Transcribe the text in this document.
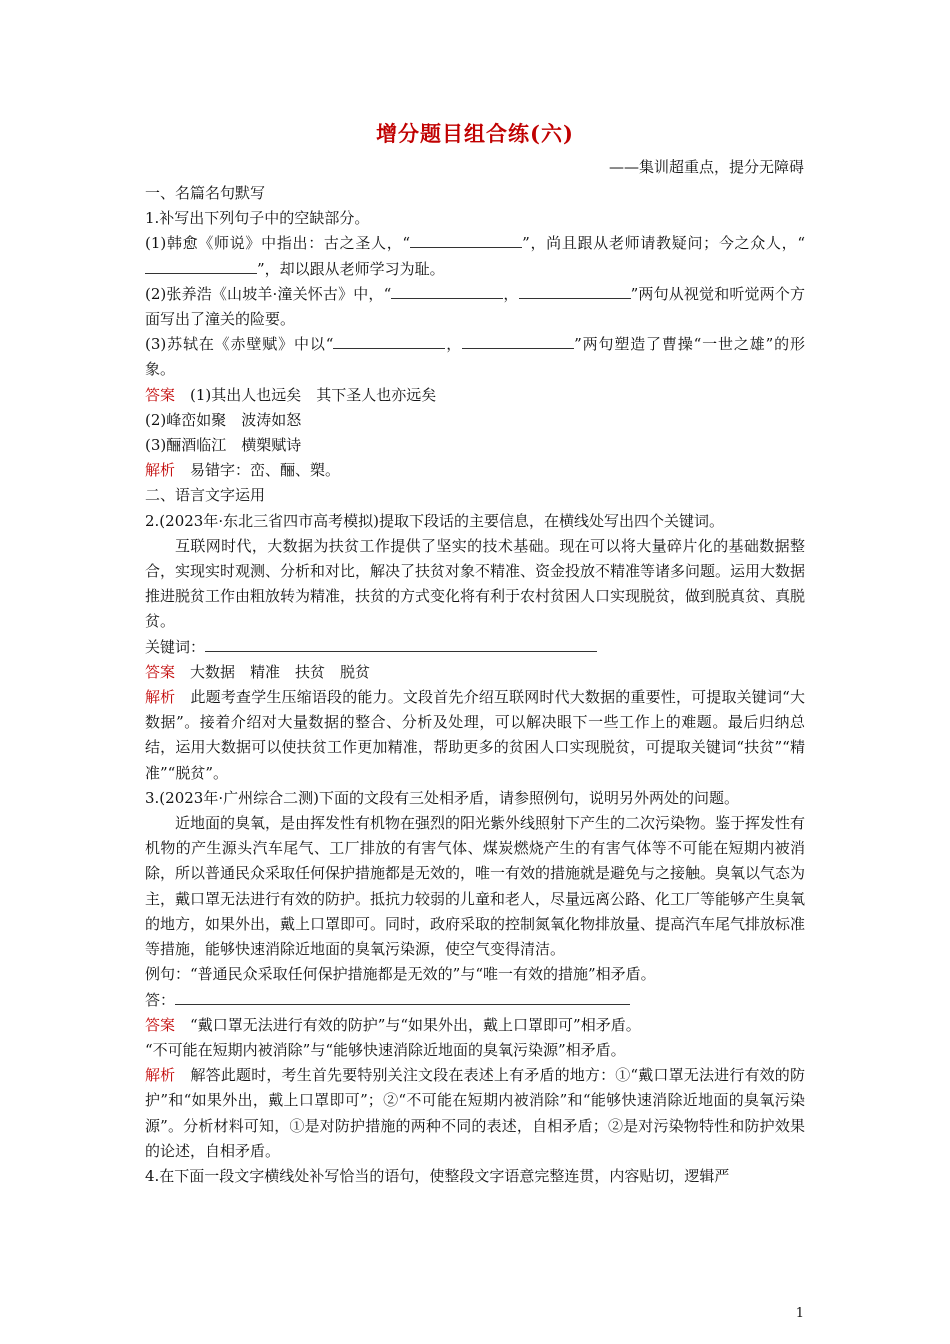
增分题目组合练(六)
——集训超重点，提分无障碍

一、名篇名句默写

1.补写出下列句子中的空缺部分。

(1)韩愈《师说》中指出：古之圣人，“	”，尚且跟从老师请教疑问；今之众人，“”，却以跟从老师学习为耻。

(2)张养浩《山坡羊·潼关怀古》中，“	，	”两句从视觉和听觉两个方面写出了潼关的险要。

(3)苏轼在《赤壁赋》中以“	，	”两句塑造了曹操“一世之雄”的形象。

答案　 (1)其出人也远矣　其下圣人也亦远矣

(2)峰峦如聚　波涛如怒

(3)酾酒临江　横槊赋诗

解析　 易错字：峦、酾、槊。

二、语言文字运用

2.(2023年·东北三省四市高考模拟)提取下段话的主要信息，在横线处写出四个关键词。

互联网时代，大数据为扶贫工作提供了坚实的技术基础。现在可以将大量碎片化的基础数据整合，实现实时观测、分析和对比，解决了扶贫对象不精准、资金投放不精准等诸多问题。运用大数据推进脱贫工作由粗放转为精准，扶贫的方式变化将有利于农村贫困人口实现脱贫，做到脱真贫、真脱贫。

关键词：

答案　 大数据　精准　扶贫　脱贫

解析　 此题考查学生压缩语段的能力。文段首先介绍互联网时代大数据的重要性，可提取关键词“大数据”。接着介绍对大量数据的整合、分析及处理，可以解决眼下一些工作上的难题。最后归纳总结，运用大数据可以使扶贫工作更加精准，帮助更多的贫困人口实现脱贫，可提取关键词“扶贫”“精准”“脱贫”。

3.(2023年·广州综合二测)下面的文段有三处相矛盾，请参照例句，说明另外两处的问题。

近地面的臭氧，是由挥发性有机物在强烈的阳光紫外线照射下产生的二次污染物。鉴于挥发性有机物的产生源头汽车尾气、工厂排放的有害气体、煤炭燃烧产生的有害气体等不可能在短期内被消除，所以普通民众采取任何保护措施都是无效的，唯一有效的措施就是避免与之接触。臭氧以气态为主，戴口罩无法进行有效的防护。抵抗力较弱的儿童和老人，尽量远离公路、化工厂等能够产生臭氧的地方，如果外出，戴上口罩即可。同时，政府采取的控制氮氧化物排放量、提高汽车尾气排放标准等措施，能够快速消除近地面的臭氧污染源，使空气变得清洁。

例句：“普通民众采取任何保护措施都是无效的”与“唯一有效的措施”相矛盾。

答：

答案　 “戴口罩无法进行有效的防护”与“如果外出，戴上口罩即可”相矛盾。

“不可能在短期内被消除”与“能够快速消除近地面的臭氧污染源”相矛盾。

解析　 解答此题时，考生首先要特别关注文段在表述上有矛盾的地方：①“戴口罩无法进行有效的防护”和“如果外出，戴上口罩即可”；②“不可能在短期内被消除”和“能够快速消除近地面的臭氧污染源”。分析材料可知，①是对防护措施的两种不同的表述，自相矛盾；②是对污染物特性和防护效果的论述，自相矛盾。

4.在下面一段文字横线处补写恰当的语句，使整段文字语意完整连贯，内容贴切，逻辑严

1
